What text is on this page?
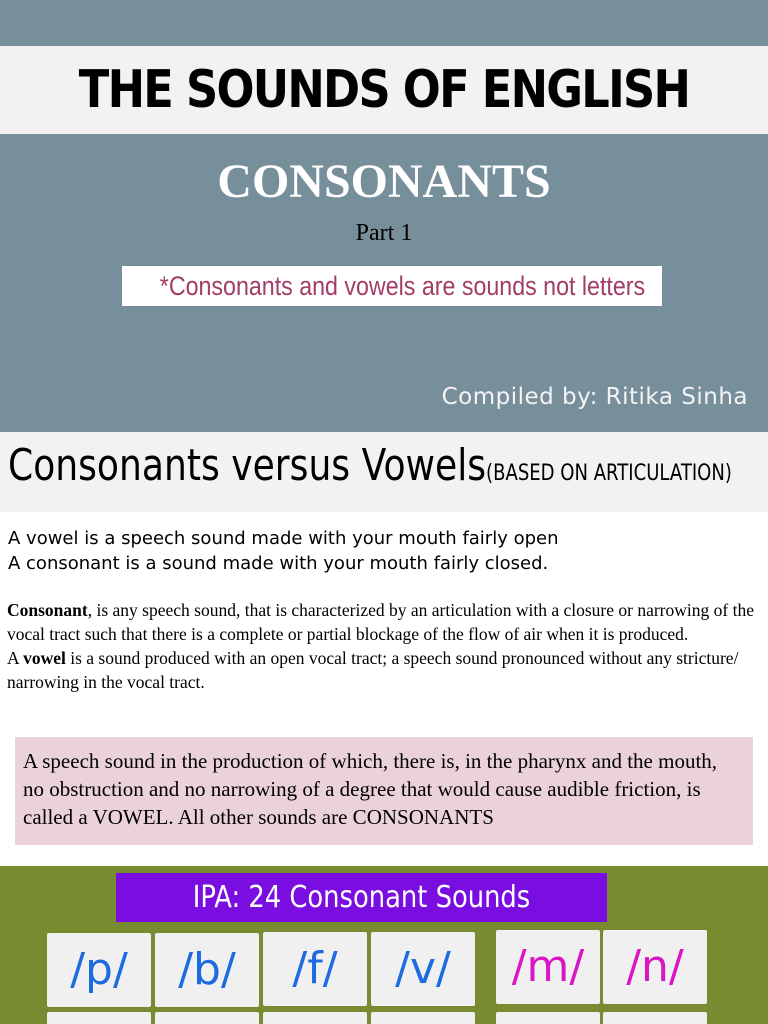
THE SOUNDS OF ENGLISH
CONSONANTS
Part 1
*Consonants and vowels are sounds not letters
Compiled by: Ritika Sinha
Consonants versus Vowels(BASED ON ARTICULATION)
A vowel is a speech sound made with your mouth fairly open
A consonant is a sound made with your mouth fairly closed.

Consonant, is any speech sound, that is characterized by an articulation with a closure or narrowing of the vocal tract such that there is a complete or partial blockage of the flow of air when it is produced.

A vowel is a sound produced with an open vocal tract; a speech sound pronounced without any stricture/ narrowing in the vocal tract.

A speech sound in the production of which, there is, in the pharynx and the mouth, no obstruction and no narrowing of a degree that would cause audible friction, is called a VOWEL. All other sounds are CONSONANTS
IPA: 24 Consonant Sounds
/p/	/b/	/f/	/v/	/m/ /n/
